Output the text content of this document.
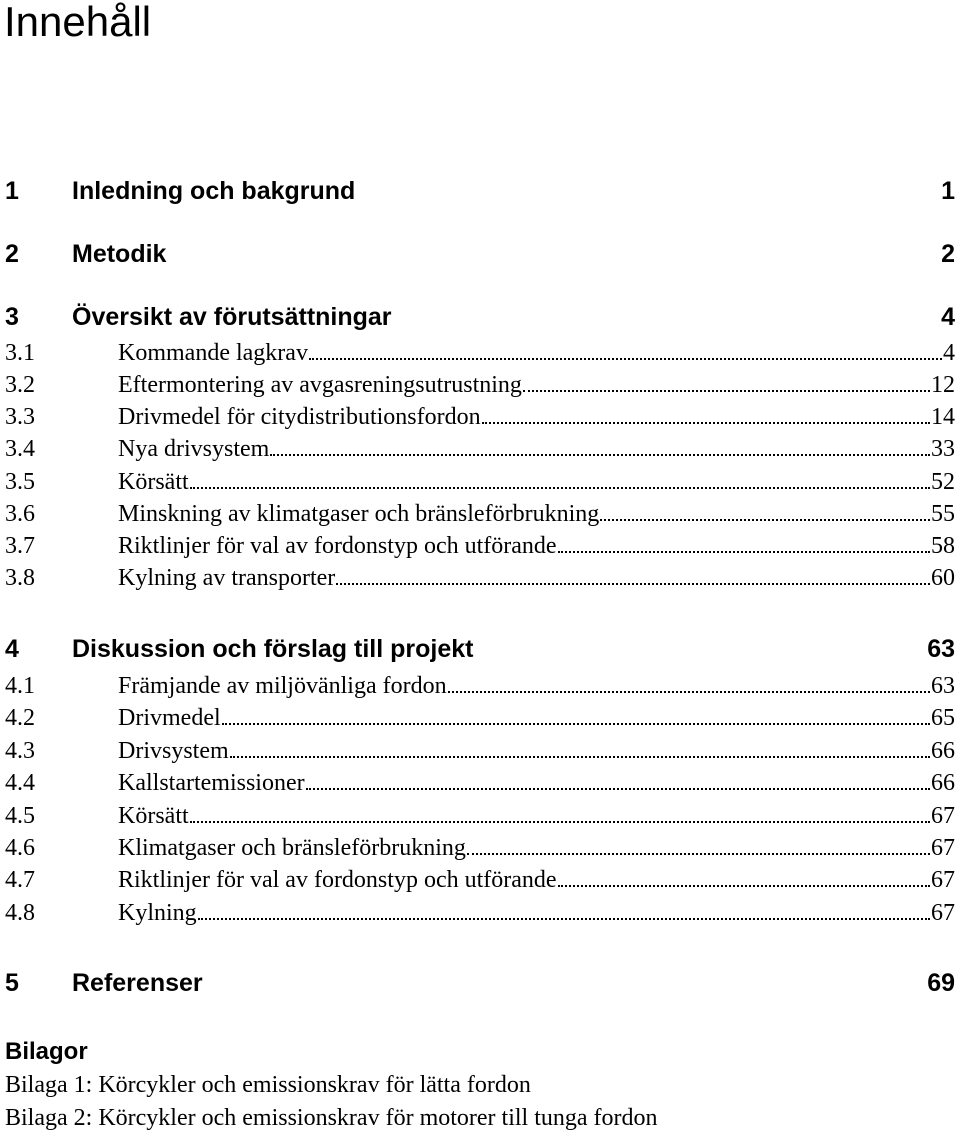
Innehåll
1 Inledning och bakgrund	1
2 Metodik	2
3 Översikt av förutsättningar	4
3.1	Kommande lagkrav	4
3.2	Eftermontering av avgasreningsutrustning	12
3.3	Drivmedel för citydistributionsfordon	14
3.4	Nya drivsystem	33
3.5	Körsätt	52
3.6	Minskning av klimatgaser och bränsleförbrukning	55
3.7	Riktlinjer för val av fordonstyp och utförande	58
3.8	Kylning av transporter	60
4 Diskussion och förslag till projekt	63
4.1	Främjande av miljövänliga fordon	63
4.2	Drivmedel	65
4.3	Drivsystem	66
4.4	Kallstartemissioner	66
4.5	Körsätt	67
4.6	Klimatgaser och bränsleförbrukning	67
4.7	Riktlinjer för val av fordonstyp och utförande	67
4.8	Kylning	67
5 Referenser	69
Bilagor
Bilaga 1: Körcykler och emissionskrav för lätta fordon
Bilaga 2: Körcykler och emissionskrav för motorer till tunga fordon
